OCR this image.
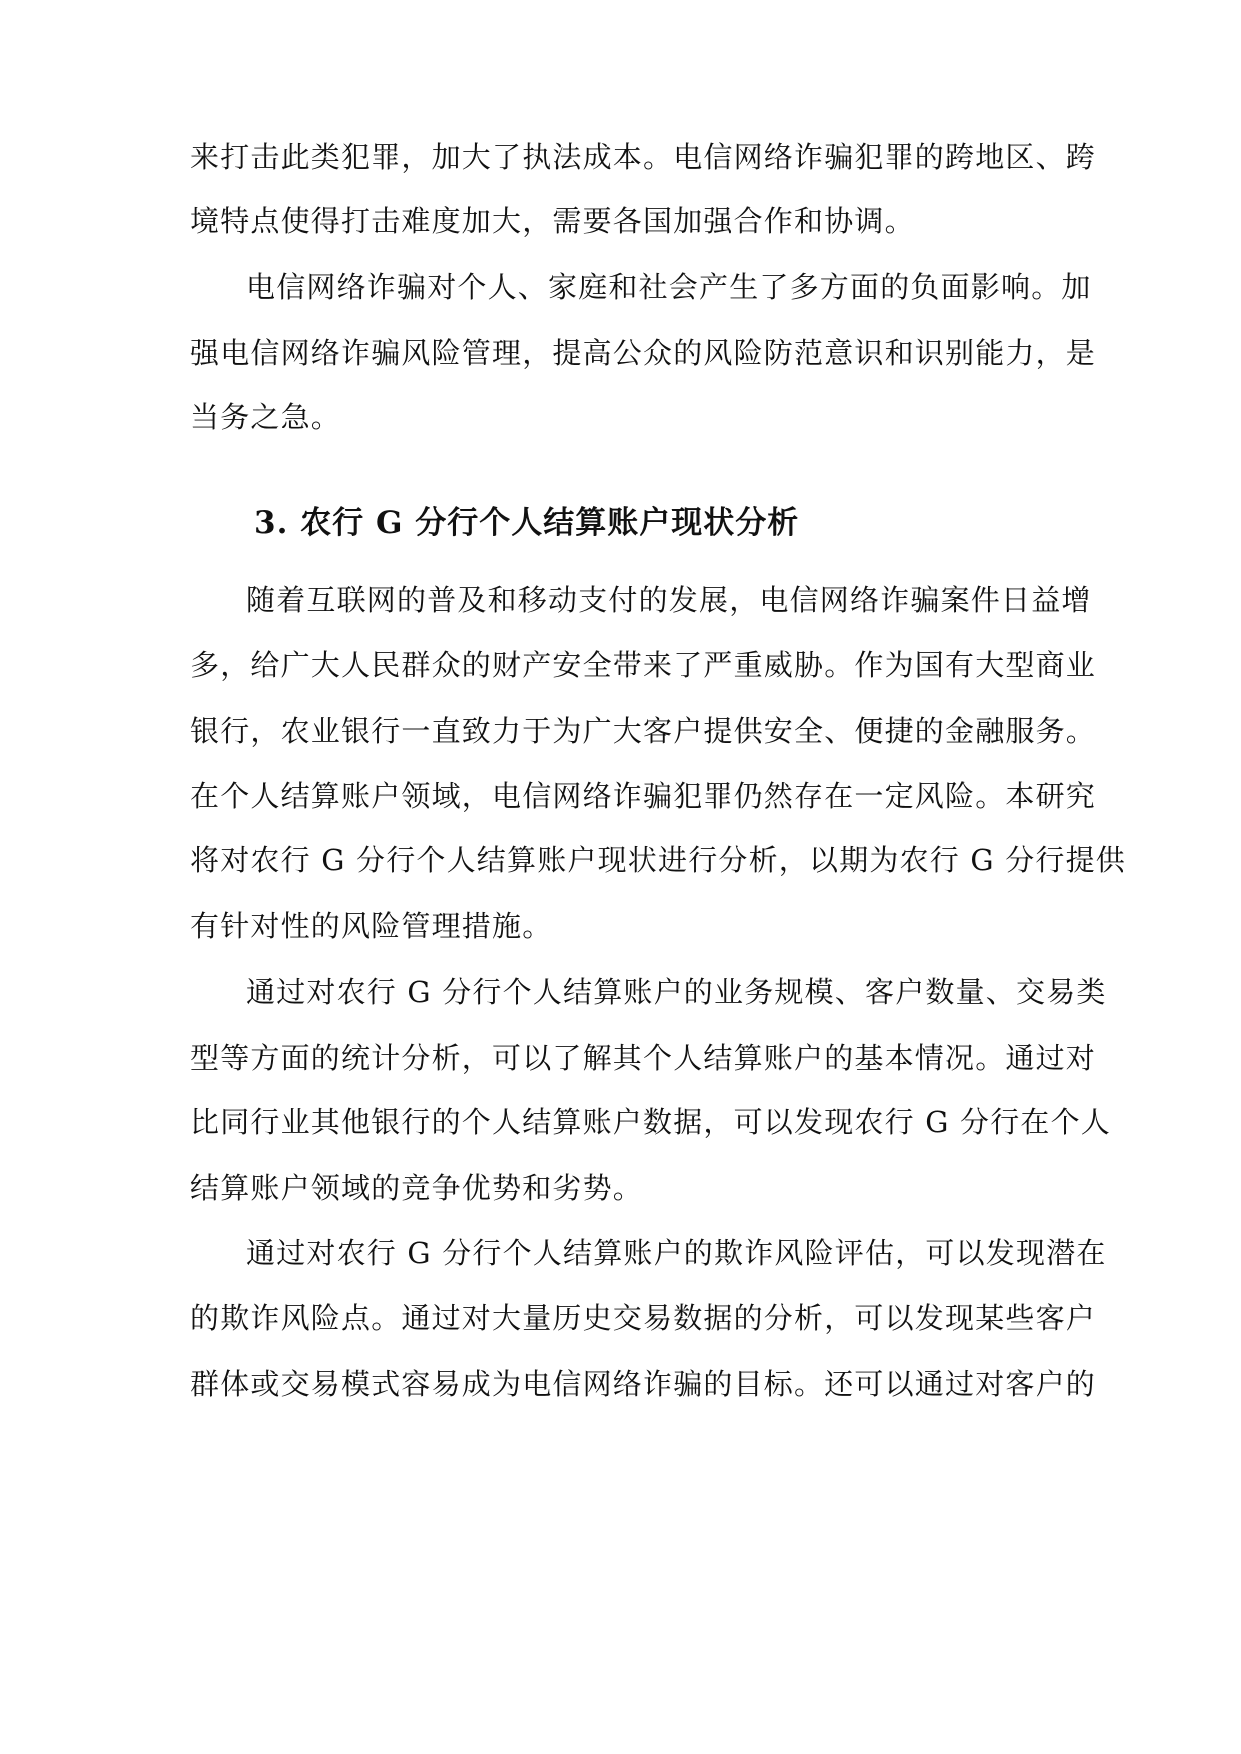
来打击此类犯罪，加大了执法成本。电信网络诈骗犯罪的跨地区、跨
境特点使得打击难度加大，需要各国加强合作和协调。
电信网络诈骗对个人、家庭和社会产生了多方面的负面影响。加
强电信网络诈骗风险管理，提高公众的风险防范意识和识别能力，是
当务之急。
3. 农行 G 分行个人结算账户现状分析
随着互联网的普及和移动支付的发展，电信网络诈骗案件日益增
多，给广大人民群众的财产安全带来了严重威胁。作为国有大型商业
银行，农业银行一直致力于为广大客户提供安全、便捷的金融服务。
在个人结算账户领域，电信网络诈骗犯罪仍然存在一定风险。本研究
将对农行 G 分行个人结算账户现状进行分析，以期为农行 G 分行提供
有针对性的风险管理措施。
通过对农行 G 分行个人结算账户的业务规模、客户数量、交易类
型等方面的统计分析，可以了解其个人结算账户的基本情况。通过对
比同行业其他银行的个人结算账户数据，可以发现农行 G 分行在个人
结算账户领域的竞争优势和劣势。
通过对农行 G 分行个人结算账户的欺诈风险评估，可以发现潜在
的欺诈风险点。通过对大量历史交易数据的分析，可以发现某些客户
群体或交易模式容易成为电信网络诈骗的目标。还可以通过对客户的
